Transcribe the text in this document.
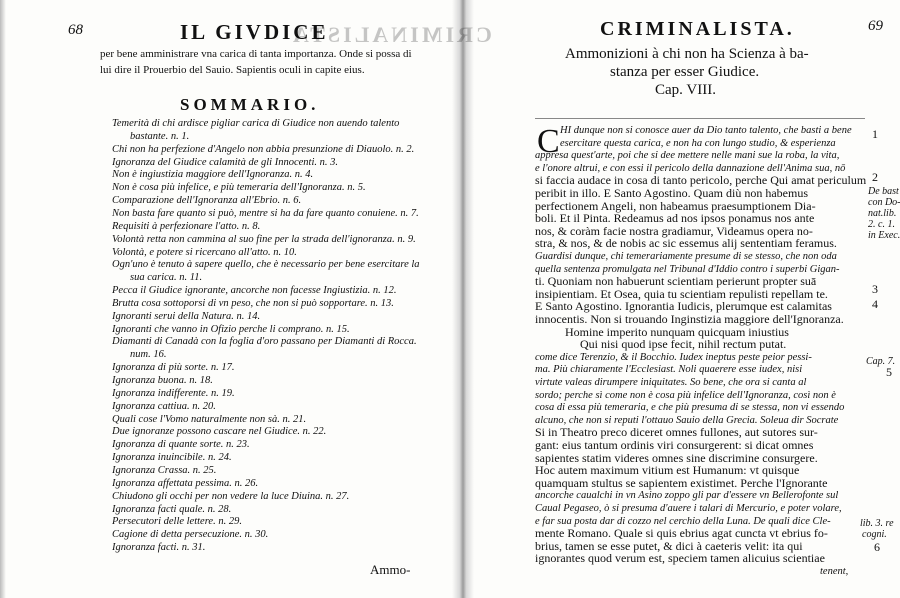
68	IL GIVDICE
CRIMINALISTA
per bene amministrare vna carica di tanta importanza. Onde si possa di
lui dire il Prouerbio del Sauio. Sapientis oculi in capite eius.
SOMMARIO.
Temerità di chi ardisce pigliar carica di Giudice non auendo talento
bastante. n. 1.
Chi non ha perfezione d'Angelo non abbia presunzione di Diauolo. n. 2.
Ignoranza del Giudice calamità de gli Innocenti. n. 3.
Non è ingiustizia maggiore dell'Ignoranza. n. 4.
Non è cosa più infelice, e più temeraria dell'Ignoranza. n. 5.
Comparazione dell'Ignoranza all'Ebrio. n. 6.
Non basta fare quanto si può, mentre si ha da fare quanto conuiene. n. 7.
Requisiti à perfezionare l'atto. n. 8.
Volontà retta non cammina al suo fine per la strada dell'ignoranza. n. 9.
Volontà, e potere si ricercano all'atto. n. 10.
Ogn'uno è tenuto à sapere quello, che è necessario per bene esercitare la
sua carica. n. 11.
Pecca il Giudice ignorante, ancorche non facesse Ingiustizia. n. 12.
Brutta cosa sottoporsi di vn peso, che non si può sopportare. n. 13.
Ignoranti serui della Natura. n. 14.
Ignoranti che vanno in Ofizio perche li comprano. n. 15.
Diamanti di Canadà con la foglia d'oro passano per Diamanti di Rocca.
num. 16.
Ignoranza di più sorte. n. 17.
Ignoranza buona. n. 18.
Ignoranza indifferente. n. 19.
Ignoranza cattiua. n. 20.
Quali cose l'Vomo naturalmente non sà. n. 21.
Due ignoranze possono cascare nel Giudice. n. 22.
Ignoranza di quante sorte. n. 23.
Ignoranza inuincibile. n. 24.
Ignoranza Crassa. n. 25.
Ignoranza affettata pessima. n. 26.
Chiudono gli occhi per non vedere la luce Diuina. n. 27.
Ignoranza facti quale. n. 28.
Persecutori delle lettere. n. 29.
Cagione di detta persecuzione. n. 30.
Ignoranza facti. n. 31.
Ammo-
69
CRIMINALISTA.
Ammonizioni à chi non ha Scienza à ba-
stanza per esser Giudice.
Cap. VIII.
C HI dunque non si conosce auer da Dio tanto talento, che basti a bene
esercitare questa carica, e non ha con lungo studio, & esperienza
appresa quest'arte, poi che si dee mettere nelle mani sue la roba, la vita,
e l'onore altrui, e con essi il pericolo della dannazione dell'Anima sua, nō
si faccia audace in cosa di tanto pericolo, perche Qui amat periculum
peribit in illo. E Santo Agostino. Quam diù non habemus
perfectionem Angeli, non habeamus praesumptionem Dia-
boli. Et il Pinta. Redeamus ad nos ipsos ponamus nos ante
nos, & coràm facie nostra gradiamur, Videamus opera no-
stra, & nos, & de nobis ac sic essemus alij sententiam feramus.
Guardisi dunque, chi temerariamente presume di se stesso, che non oda
quella sentenza promulgata nel Tribunal d'Iddio contro i superbi Gigan-
ti. Quoniam non habuerunt scientiam perierunt propter suā
insipientiam. Et Osea, quia tu scientiam repulisti repellam te.
E Santo Agostino. Ignorantia Iudicis, plerumque est calamitas
innocentis. Non si trouando Inginstizia maggiore dell'Ignoranza.
Homine imperito nunquam quicquam iniustius
Qui nisi quod ipse fecit, nihil rectum putat.
come dice Terenzio, & il Bocchio. Iudex ineptus peste peior pessi-
ma. Più chiaramente l'Ecclesiast. Noli quaerere esse iudex, nisi
virtute valeas dirumpere iniquitates. So bene, che ora si canta al
sordo; perche sì come non è cosa più infelice dell'Ignoranza, così non è
cosa di essa più temeraria, e che più presuma di se stessa, non vi essendo
alcuno, che non si reputi l'ottauo Sauio della Grecia. Soleua dir Socrate
Si in Theatro preco diceret omnes fullones, aut sutores sur-
gant: eius tantum ordinis viri consurgerent: si dicat omnes
sapientes statim videres omnes sine discrimine consurgere.
Hoc autem maximum vitium est Humanum: vt quisque
quamquam stultus se sapientem existimet. Perche l'Ignorante
ancorche caualchi in vn Asino zoppo gli par d'essere vn Bellerofonte sul
Caual Pegaseo, ò si presuma d'auere i talari di Mercurio, e poter volare,
e far sua posta dar di cozzo nel cerchio della Luna. De quali dice Cle-
mente Romano. Quale si quis ebrius agat cuncta vt ebrius fo-
brius, tamen se esse putet, & dici à caeteris velit: ita qui
ignorantes quod verum est, speciem tamen alicuius scientiae
tenent,
1
2
3
4
5
6
De bast
con Do-
nat.lib.
2. c. 1.
in Exec.
Cap. 7.
lib. 3. re
cogni.
